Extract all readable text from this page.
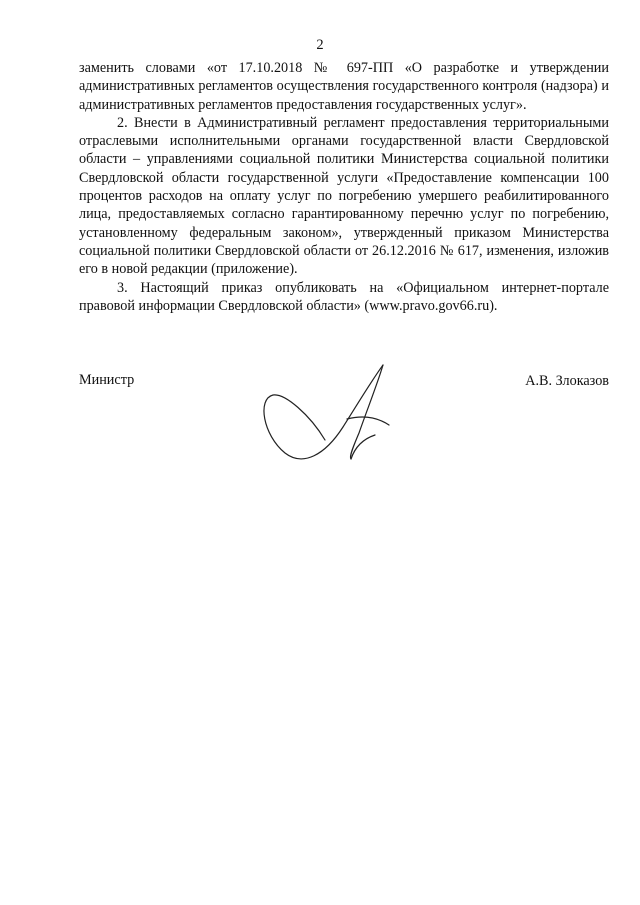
2

заменить словами «от 17.10.2018 № 697-ПП «О разработке и утверждении административных регламентов осуществления государственного контроля (надзора) и административных регламентов предоставления государственных услуг».

2. Внести в Административный регламент предоставления территориальными отраслевыми исполнительными органами государственной власти Свердловской области – управлениями социальной политики Министерства социальной политики Свердловской области государственной услуги «Предоставление компенсации 100 процентов расходов на оплату услуг по погребению умершего реабилитированного лица, предоставляемых согласно гарантированному перечню услуг по погребению, установленному федеральным законом», утвержденный приказом Министерства социальной политики Свердловской области от 26.12.2016 № 617, изменения, изложив его в новой редакции (приложение).

3. Настоящий приказ опубликовать на «Официальном интернет-портале правовой информации Свердловской области» (www.pravo.gov66.ru).

Министр	А.В. Злоказов
